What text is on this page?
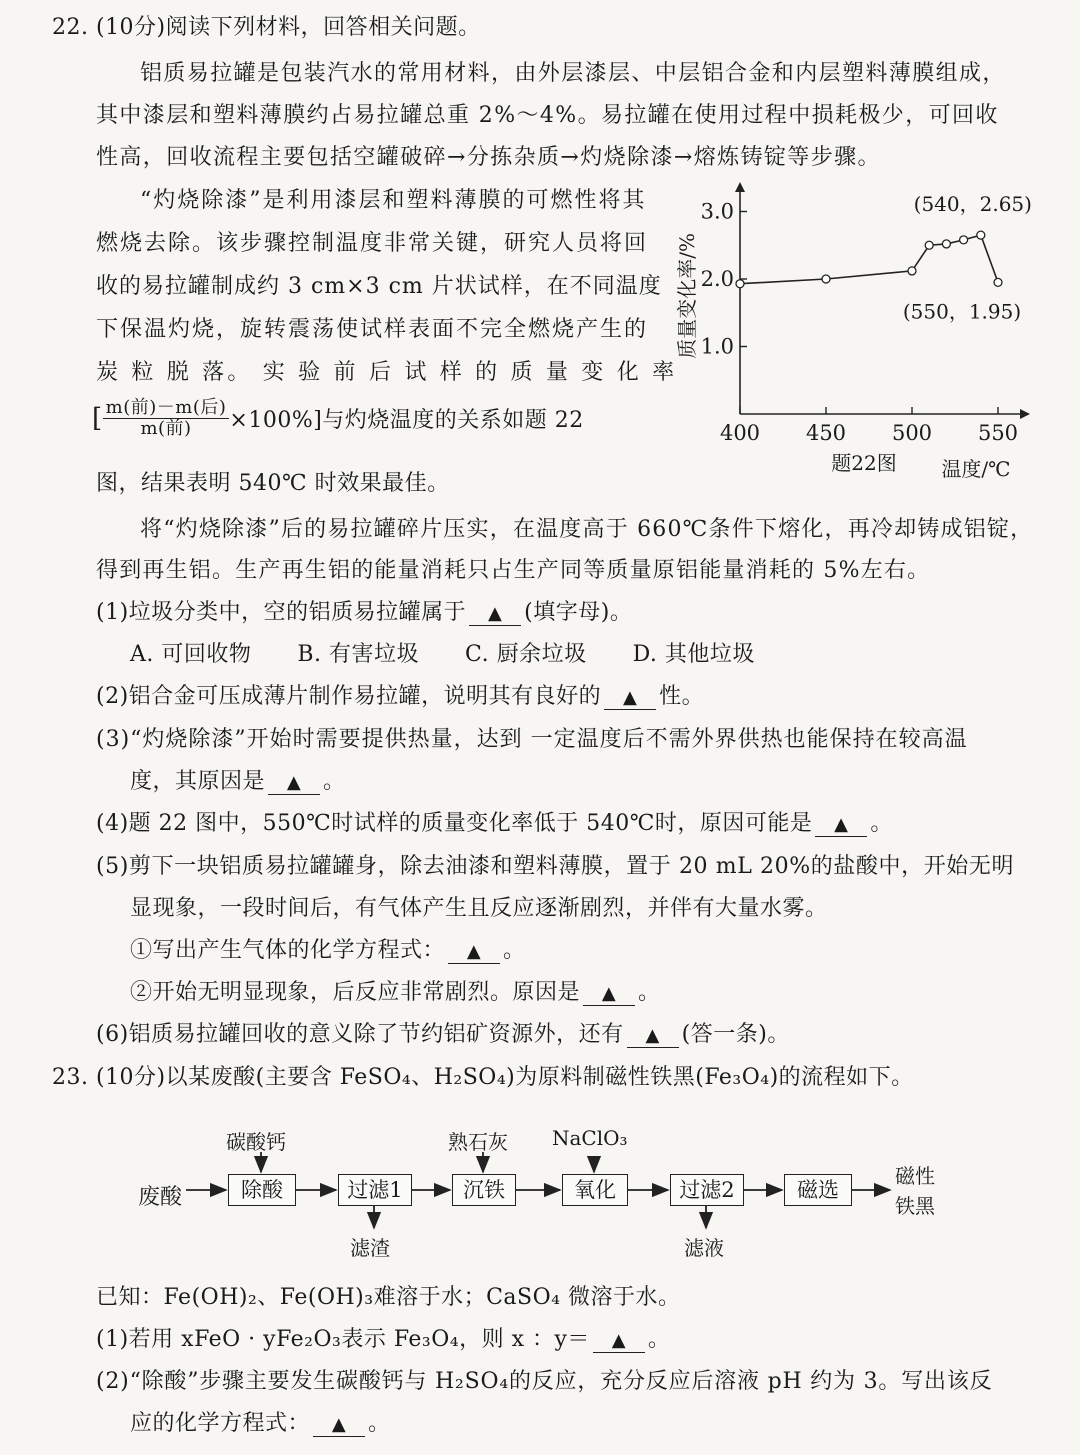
22. (10分)阅读下列材料，回答相关问题。
铝质易拉罐是包装汽水的常用材料，由外层漆层、中层铝合金和内层塑料薄膜组成，
其中漆层和塑料薄膜约占易拉罐总重 2%～4%。易拉罐在使用过程中损耗极少，可回收
性高，回收流程主要包括空罐破碎→分拣杂质→灼烧除漆→熔炼铸锭等步骤。
“灼烧除漆”是利用漆层和塑料薄膜的可燃性将其
燃烧去除。该步骤控制温度非常关键，研究人员将回
收的易拉罐制成约 3 cm×3 cm 片状试样，在不同温度
下保温灼烧，旋转震荡使试样表面不完全燃烧产生的
炭 粒 脱 落。 实 验 前 后 试 样 的 质 量 变 化 率
[ $\frac{\text{m(前)－m(后)}}{\text{m(前)}} \times 100\%$]与灼烧温度的关系如题 22
图，结果表明 540℃ 时效果最佳。
400 450 500 550
1.0
2.0
3.0
质量变化率/%
温度/℃
题22图
(540，2.65)
(550，1.95)
将“灼烧除漆”后的易拉罐碎片压实，在温度高于 660℃条件下熔化，再冷却铸成铝锭，
得到再生铝。生产再生铝的能量消耗只占生产同等质量原铝能量消耗的 5%左右。
(1)垃圾分类中，空的铝质易拉罐属于 ▲ (填字母)。
A. 可回收物 B. 有害垃圾 C. 厨余垃圾 D. 其他垃圾
(2)铝合金可压成薄片制作易拉罐，说明其有良好的 ▲ 性。
(3)“灼烧除漆”开始时需要提供热量，达到 一定温度后不需外界供热也能保持在较高温
度，其原因是 ▲ 。
(4)题 22 图中，550℃时试样的质量变化率低于 540℃时，原因可能是 ▲ 。
(5)剪下一块铝质易拉罐罐身，除去油漆和塑料薄膜，置于 20 mL 20%的盐酸中，开始无明
显现象，一段时间后，有气体产生且反应逐渐剧烈，并伴有大量水雾。
①写出产生气体的化学方程式： ▲ 。
②开始无明显现象，后反应非常剧烈。原因是 ▲ 。
(6)铝质易拉罐回收的意义除了节约铝矿资源外，还有 ▲ (答一条)。
23. (10分)以某废酸(主要含 FeSO₄、H₂SO₄)为原料制磁性铁黑(Fe₃O₄)的流程如下。
废酸	除酸	过滤1	沉铁	氧化	过滤2	磁选
碳酸钙	熟石灰 NaClO₃
滤渣	滤液
磁性
铁黑
已知：Fe(OH)₂、Fe(OH)₃难溶于水；CaSO₄ 微溶于水。
(1)若用 xFeO · yFe₂O₃表示 Fe₃O₄，则 x ：y＝ ▲ 。
(2)“除酸”步骤主要发生碳酸钙与 H₂SO₄的反应，充分反应后溶液 pH 约为 3。写出该反
应的化学方程式： ▲ 。
